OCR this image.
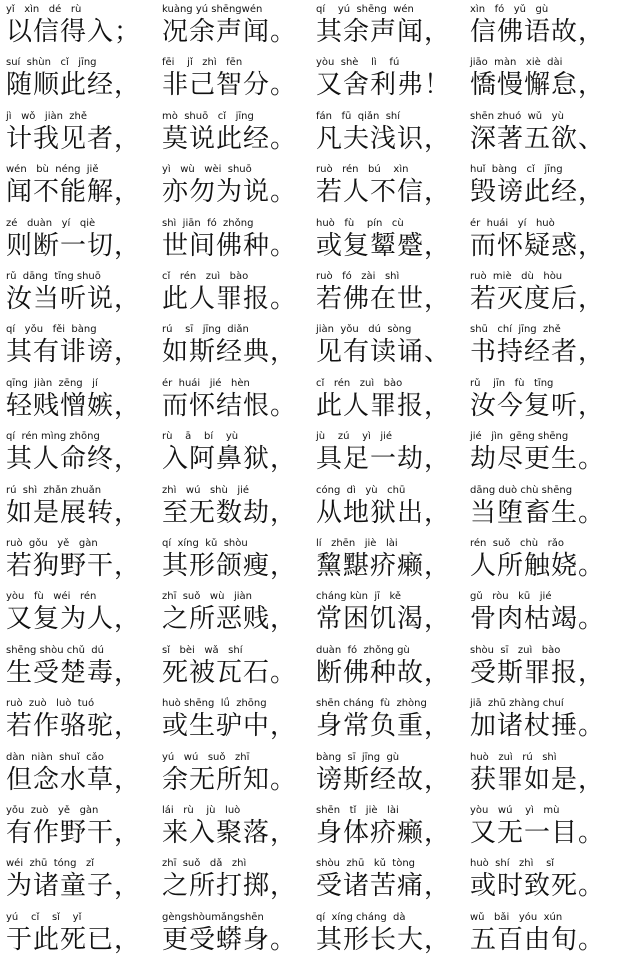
yǐ   xìn   dé   rù
以信得入；
kuàng yú shēngwén
况余声闻。
qí    yú  shēng  wén
其余声闻，
xìn   fó   yǔ   gù
信佛语故，
suí  shùn   cǐ   jīng
随顺此经，
fēi    jǐ   zhì   fēn
非己智分。
yòu  shè    lì    fú
又舍利弗！
jiāo  màn   xiè  dài
憍慢懈怠，
jì   wǒ   jiàn  zhě
计我见者，
mò  shuō   cǐ   jīng
莫说此经。
fán   fū  qiǎn  shí
凡夫浅识，
shēn zhuó  wǔ   yù
深著五欲、
wén   bù  néng  jiě
闻不能解，
yì   wù   wèi  shuō
亦勿为说。
ruò   rén   bú    xìn
若人不信，
huǐ  bàng   cǐ   jīng
毁谤此经，
zé   duàn   yí   qiè
则断一切，
shì  jiān  fó  zhǒng
世间佛种。
huò   fù    pín   cù
或复颦蹙，
ér  huái   yí   huò
而怀疑惑，
rǔ  dāng  tīng shuō
汝当听说，
cǐ   rén   zuì   bào
此人罪报。
ruò   fó   zài   shì
若佛在世，
ruò  miè   dù   hòu
若灭度后，
qí   yǒu   fěi  bàng
其有诽谤，
rú    sī   jīng  diǎn
如斯经典，
jiàn  yǒu   dú  sòng
见有读诵、
shū   chí  jīng  zhě
书持经者，
qīng  jiàn  zēng   jí
轻贱憎嫉，
ér  huái   jié   hèn
而怀结恨。
cǐ   rén   zuì   bào
此人罪报，
rǔ    jīn   fù   tīng
汝今复听，
qí  rén mìng zhōng
其人命终，
rù    ā    bí    yù
入阿鼻狱，
jù    zú    yì   jié
具足一劫，
jié   jìn  gēng shēng
劫尽更生。
rú  shì  zhǎn zhuǎn
如是展转，
zhì   wú   shù   jié
至无数劫，
cóng  dì   yù   chū
从地狱出，
dāng duò chù shēng
当堕畜生。
ruò  gǒu   yě   gàn
若狗野干，
qí  xíng  kǔ  shòu
其形颌瘦，
lí   zhēn   jiè   lài
黧黮疥癞，
rén  suǒ   chù   rǎo
人所触娆。
yòu   fù   wéi   rén
又复为人，
zhī  suǒ   wù   jiàn
之所恶贱，
cháng kùn  jī   kě
常困饥渴，
gǔ   ròu   kū   jié
骨肉枯竭。
shēng shòu chǔ  dú
生受楚毒，
sǐ   bèi   wǎ   shí
死被瓦石。
duàn  fó  zhǒng gù
断佛种故，
shòu  sī   zuì   bào
受斯罪报，
ruò  zuò   luò  tuó
若作骆驼，
huò shēng  lǘ  zhōng
或生驴中，
shēn cháng  fù  zhòng
身常负重，
jiā  zhū zhàng chuí
加诸杖捶。
dàn  niàn  shuǐ  cǎo
但念水草，
yú   wú   suǒ   zhī
余无所知。
bàng  sī  jīng  gù
谤斯经故，
huò   zuì   rú   shì
获罪如是，
yǒu  zuò   yě   gàn
有作野干，
lái   rù    jù   luò
来入聚落，
shēn   tǐ   jiè   lài
身体疥癞，
yòu   wú    yì   mù
又无一目。
wéi  zhū  tóng   zǐ
为诸童子，
zhī  suǒ   dǎ   zhì
之所打掷，
shòu  zhū   kǔ  tòng
受诸苦痛，
huò  shí   zhì    sǐ
或时致死。
yú    cǐ    sǐ    yǐ
于此死已，
gèngshòumǎngshēn
更受蟒身。
qí  xíng cháng  dà
其形长大，
wǔ   bǎi   yóu  xún
五百由旬。
